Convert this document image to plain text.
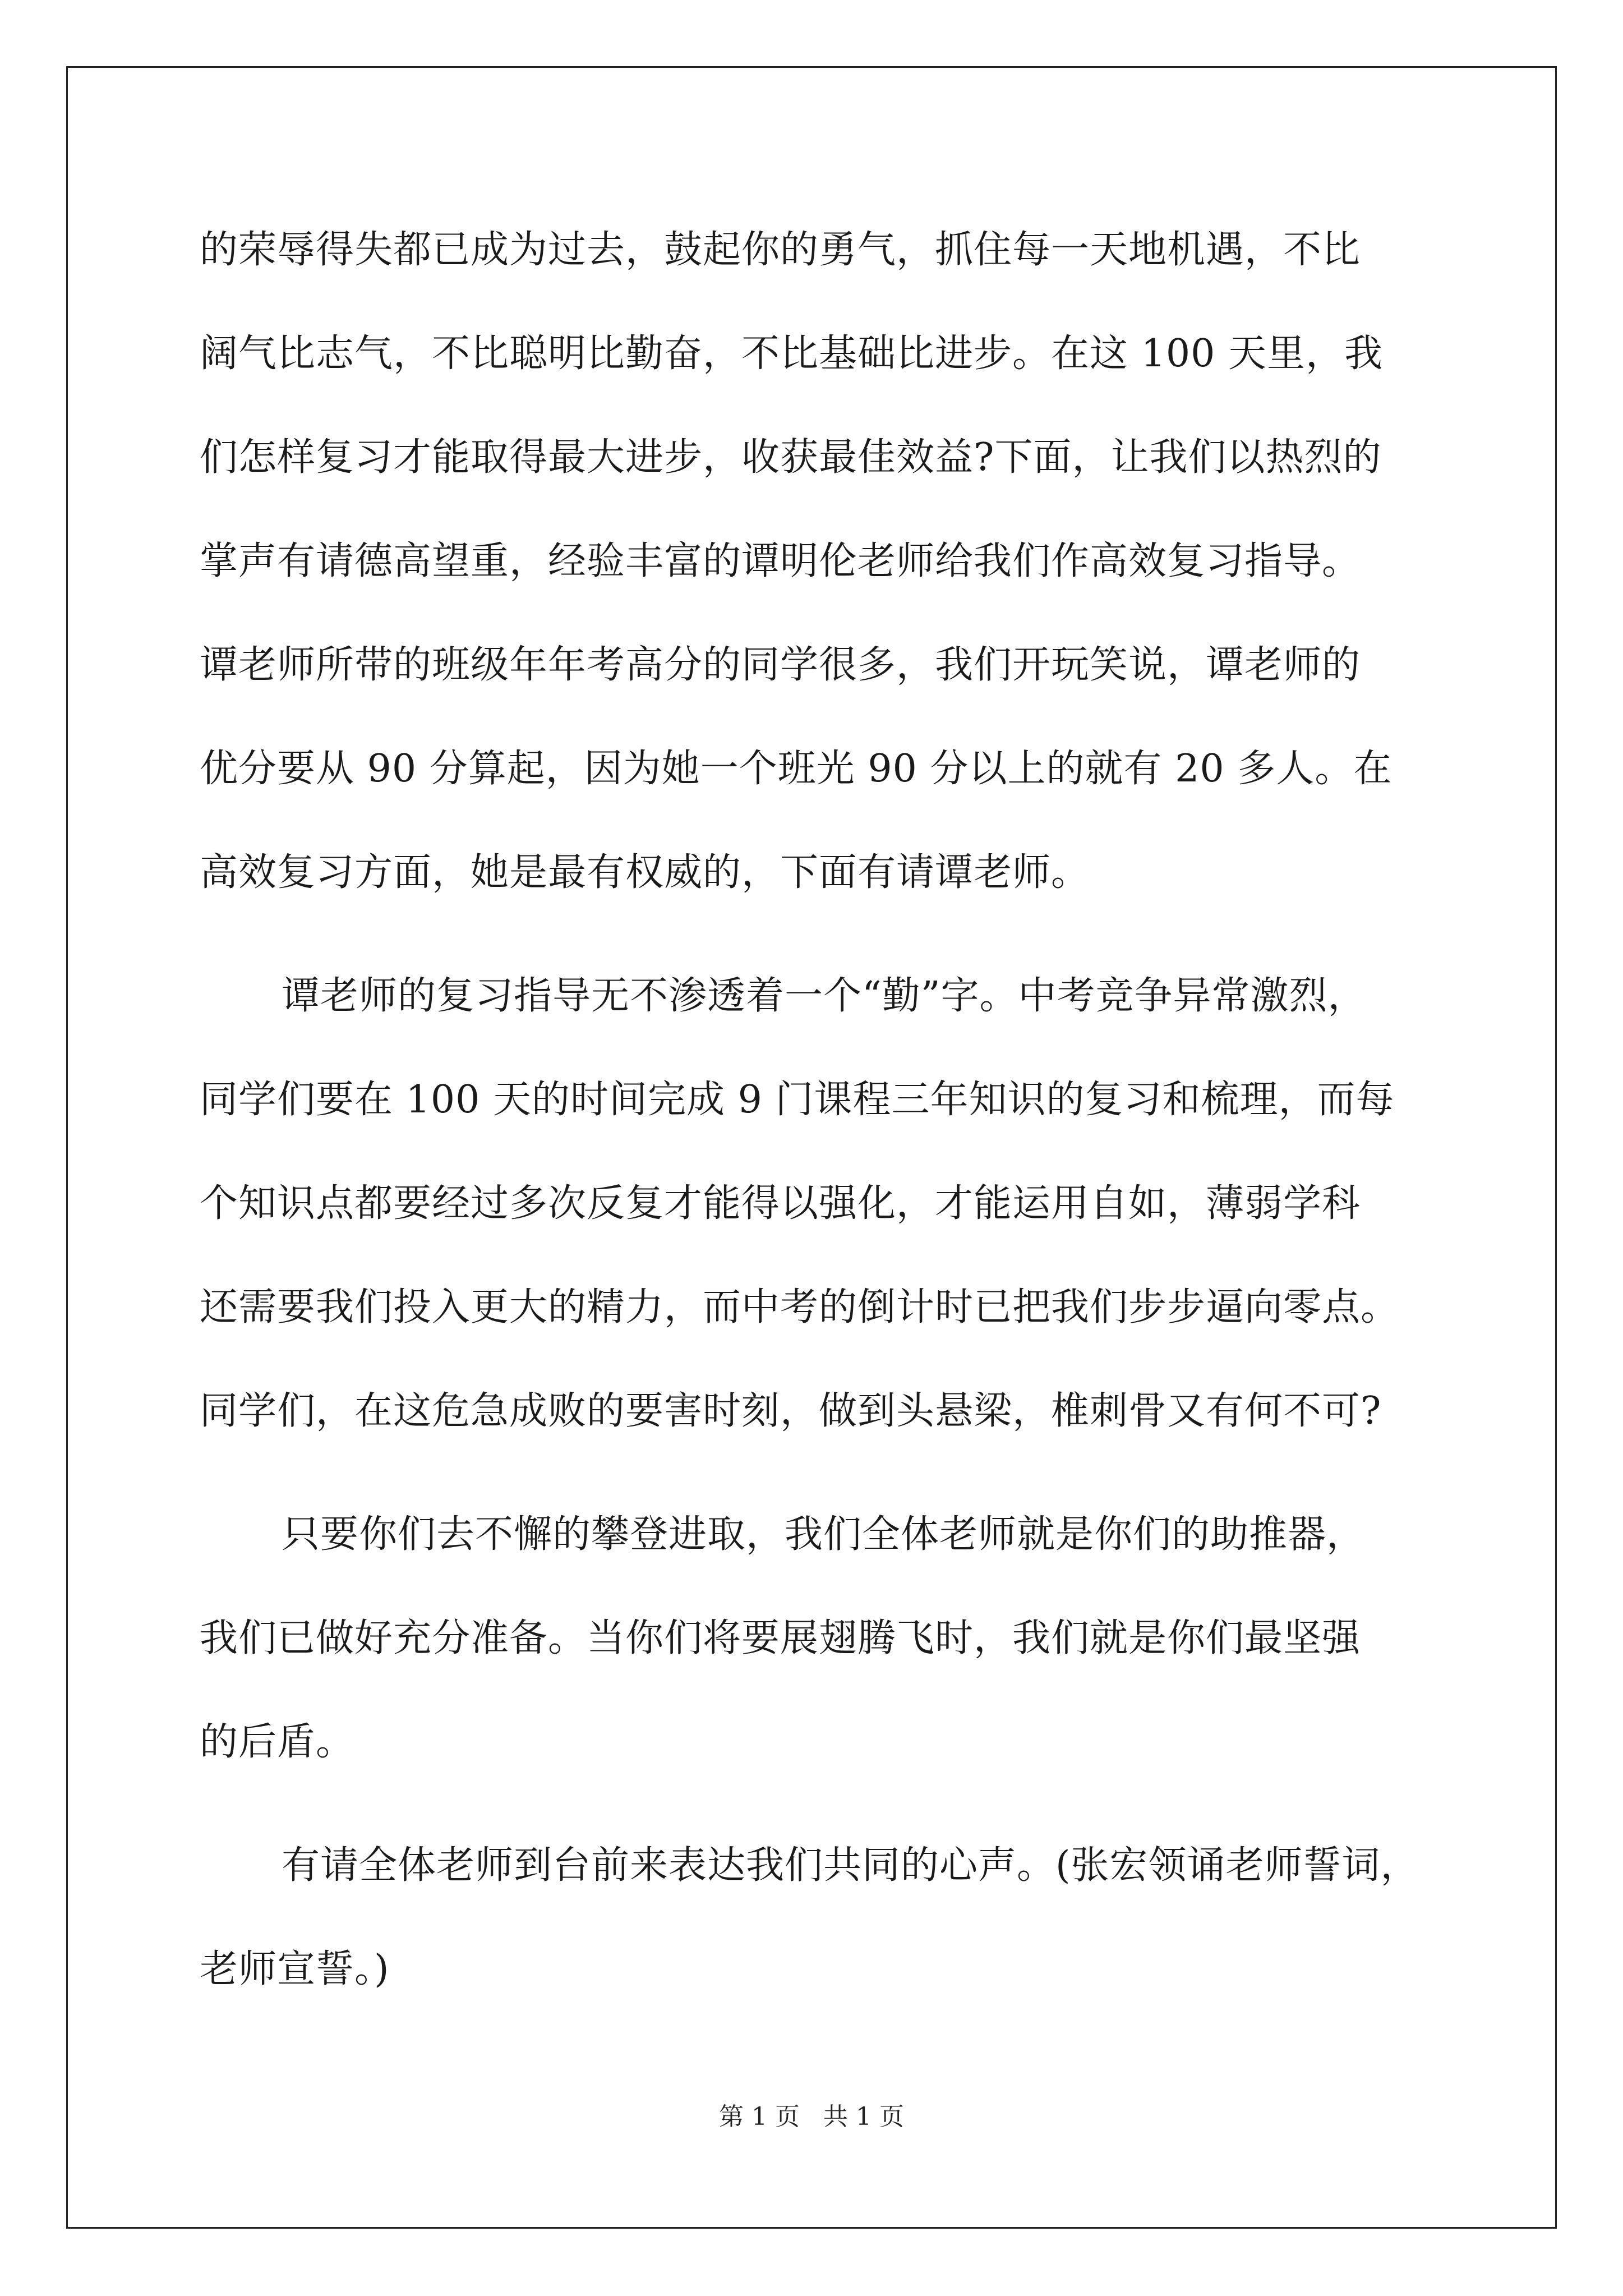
的荣辱得失都已成为过去，鼓起你的勇气，抓住每一天地机遇，不比
阔气比志气，不比聪明比勤奋，不比基础比进步。在这 100 天里，我
们怎样复习才能取得最大进步，收获最佳效益?下面，让我们以热烈的
掌声有请德高望重，经验丰富的谭明伦老师给我们作高效复习指导。
谭老师所带的班级年年考高分的同学很多，我们开玩笑说，谭老师的
优分要从 90 分算起，因为她一个班光 90 分以上的就有 20 多人。在
高效复习方面，她是最有权威的，下面有请谭老师。
谭老师的复习指导无不渗透着一个“勤”字。中考竞争异常激烈，
同学们要在 100 天的时间完成 9 门课程三年知识的复习和梳理，而每
个知识点都要经过多次反复才能得以强化，才能运用自如，薄弱学科
还需要我们投入更大的精力，而中考的倒计时已把我们步步逼向零点。
同学们，在这危急成败的要害时刻，做到头悬梁，椎刺骨又有何不可?
只要你们去不懈的攀登进取，我们全体老师就是你们的助推器，
我们已做好充分准备。当你们将要展翅腾飞时，我们就是你们最坚强
的后盾。
有请全体老师到台前来表达我们共同的心声。(张宏领诵老师誓词，
老师宣誓。)
第 1 页   共 1 页
